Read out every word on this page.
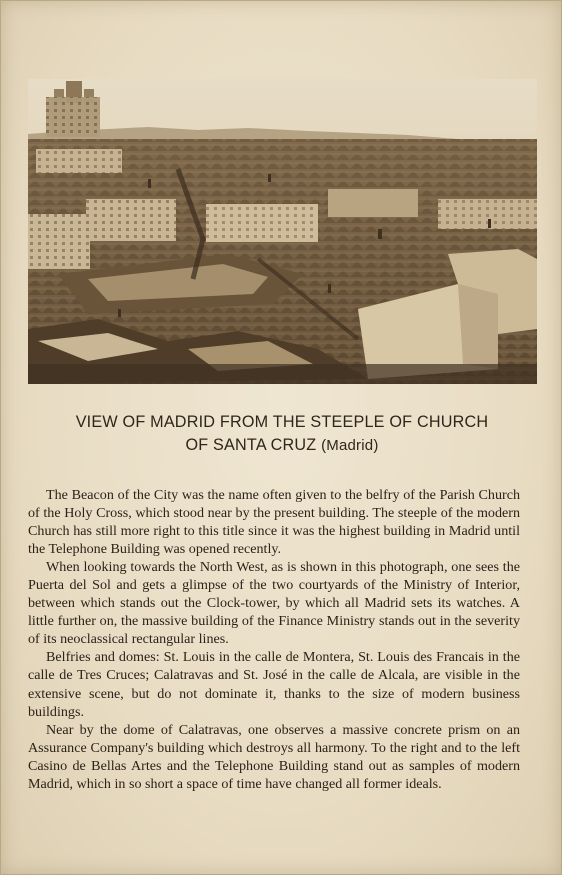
VIEW OF MADRID FROM THE STEEPLE OF CHURCH
OF SANTA CRUZ (Madrid)

The Beacon of the City was the name often given to the belfry of the Parish Church of the Holy Cross, which stood near by the present building. The steeple of the modern Church has still more right to this title since it was the highest building in Madrid until the Telephone Building was opened recently.

When looking towards the North West, as is shown in this photograph, one sees the Puerta del Sol and gets a glimpse of the two courtyards of the Ministry of Interior, between which stands out the Clock-tower, by which all Madrid sets its watches. A little further on, the massive building of the Finance Ministry stands out in the severity of its neoclassical rectangular lines.

Belfries and domes: St. Louis in the calle de Montera, St. Louis des Francais in the calle de Tres Cruces; Calatravas and St. José in the calle de Alcala, are visible in the extensive scene, but do not dominate it, thanks to the size of modern business buildings.

Near by the dome of Calatravas, one observes a massive concrete prism on an Assurance Company's building which destroys all harmony. To the right and to the left Casino de Bellas Artes and the Telephone Building stand out as samples of modern Madrid, which in so short a space of time have changed all former ideals.
